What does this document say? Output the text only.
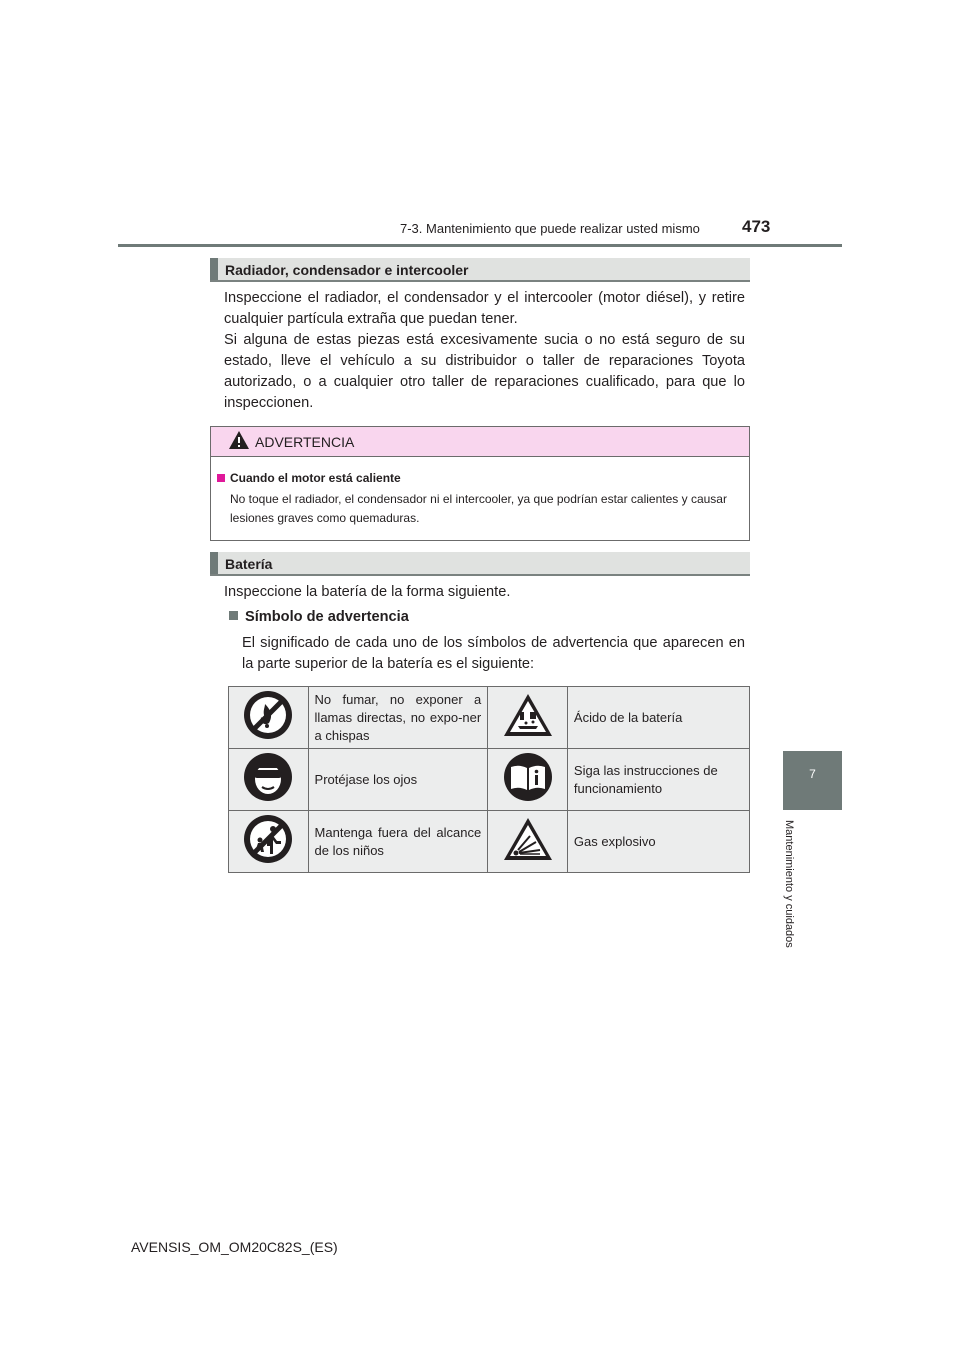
7-3. Mantenimiento que puede realizar usted mismo 473
7
Mantenimiento y cuidados
Radiador, condensador e intercooler
Inspeccione el radiador, el condensador y el intercooler (motor diésel), y retire cualquier partícula extraña que puedan tener.
Si alguna de estas piezas está excesivamente sucia o no está seguro de su estado, lleve el vehículo a su distribuidor o taller de reparaciones Toyota autorizado, o a cualquier otro taller de reparaciones cualificado, para que lo inspeccionen.
ADVERTENCIA
Cuando el motor está caliente
No toque el radiador, el condensador ni el intercooler, ya que podrían estar calientes y causar lesiones graves como quemaduras.
Batería
Inspeccione la batería de la forma siguiente.
Símbolo de advertencia
El significado de cada uno de los símbolos de advertencia que aparecen en la parte superior de la batería es el siguiente:
	No fumar, no exponer a llamas directas, no expo-ner a chispas		Ácido de la batería
	Protéjase los ojos		Siga las instrucciones de funcionamiento
	Mantenga fuera del alcance de los niños		Gas explosivo
AVENSIS_OM_OM20C82S_(ES)
